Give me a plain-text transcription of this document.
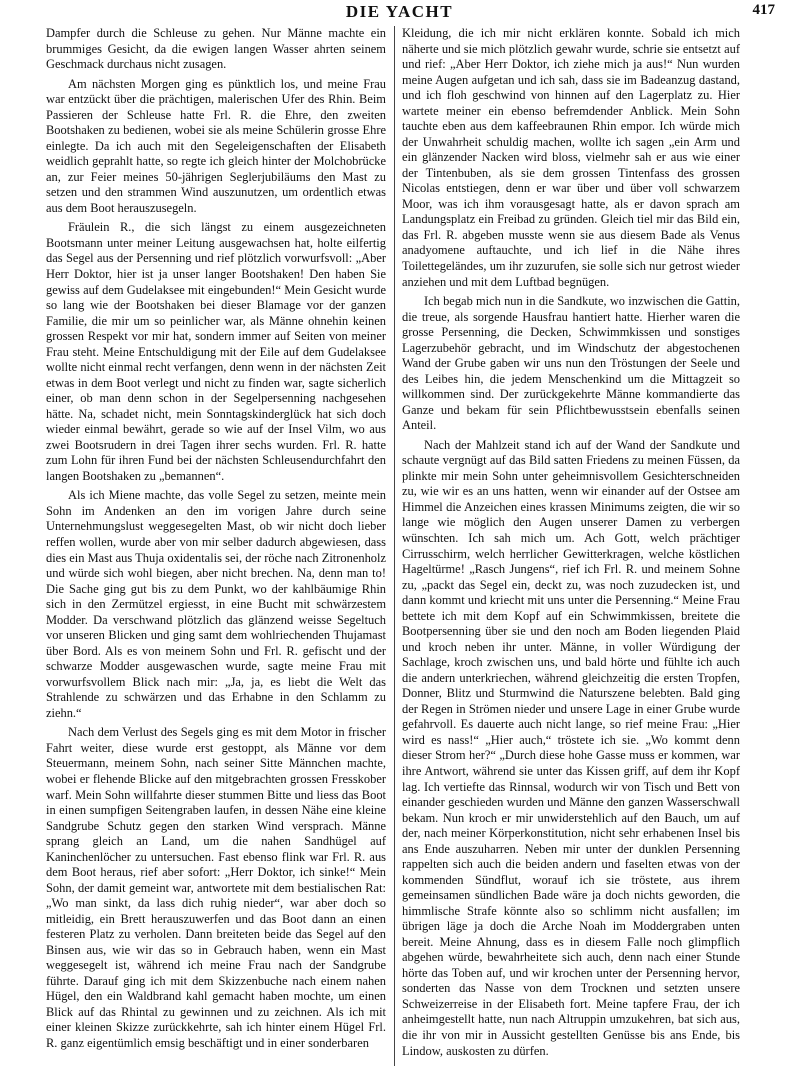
DIE YACHT	417

Dampfer durch die Schleuse zu gehen. Nur Männe machte ein brummiges Gesicht, da die ewigen langen Wasser ahrten seinem Geschmack durchaus nicht zusagen.

Am nächsten Morgen ging es pünktlich los, und meine Frau war entzückt über die prächtigen, malerischen Ufer des Rhin. Beim Passieren der Schleuse hatte Frl. R. die Ehre, den zweiten Bootshaken zu bedienen, wobei sie als meine Schülerin grosse Ehre einlegte. Da ich auch mit den Segeleigenschaften der Elisabeth weidlich geprahlt hatte, so regte ich gleich hinter der Molchobrücke an, zur Feier meines 50-jährigen Seglerjubiläums den Mast zu setzen und den strammen Wind auszunutzen, um ordentlich etwas aus dem Boot herauszusegeln.

Fräulein R., die sich längst zu einem ausgezeichneten Bootsmann unter meiner Leitung ausgewachsen hat, holte eilfertig das Segel aus der Persenning und rief plötzlich vorwurfsvoll: „Aber Herr Doktor, hier ist ja unser langer Bootshaken! Den haben Sie gewiss auf dem Gudelaksee mit eingebunden!“ Mein Gesicht wurde so lang wie der Bootshaken bei dieser Blamage vor der ganzen Familie, die mir um so peinlicher war, als Männe ohnehin keinen grossen Respekt vor mir hat, sondern immer auf Seiten von meiner Frau steht. Meine Entschuldigung mit der Eile auf dem Gudelaksee wollte nicht einmal recht verfangen, denn wenn in der nächsten Zeit etwas in dem Boot verlegt und nicht zu finden war, sagte sicherlich einer, ob man denn schon in der Segelpersenning nachgesehen hätte. Na, schadet nicht, mein Sonntagskinderglück hat sich doch wieder einmal bewährt, gerade so wie auf der Insel Vilm, wo aus zwei Bootsrudern in drei Tagen ihrer sechs wurden. Frl. R. hatte zum Lohn für ihren Fund bei der nächsten Schleusendurchfahrt den langen Bootshaken zu „bemannen“.

Als ich Miene machte, das volle Segel zu setzen, meinte mein Sohn im Andenken an den im vorigen Jahre durch seine Unternehmungslust weggesegelten Mast, ob wir nicht doch lieber reffen wollen, wurde aber von mir selber dadurch abgewiesen, dass dies ein Mast aus Thuja oxidentalis sei, der röche nach Zitronenholz und würde sich wohl biegen, aber nicht brechen. Na, denn man to! Die Sache ging gut bis zu dem Punkt, wo der kahlbäumige Rhin sich in den Zermützel ergiesst, in eine Bucht mit schwärzestem Modder. Da verschwand plötzlich das glänzend weisse Segeltuch vor unseren Blicken und ging samt dem wohlriechenden Thujamast über Bord. Als es von meinem Sohn und Frl. R. gefischt und der schwarze Modder ausgewaschen wurde, sagte meine Frau mit vorwurfsvollem Blick nach mir: „Ja, ja, es liebt die Welt das Strahlende zu schwärzen und das Erhabne in den Schlamm zu ziehn.“

Nach dem Verlust des Segels ging es mit dem Motor in frischer Fahrt weiter, diese wurde erst gestoppt, als Männe vor dem Steuermann, meinem Sohn, nach seiner Sitte Männchen machte, wobei er flehende Blicke auf den mitgebrachten grossen Fresskober warf. Mein Sohn willfahrte dieser stummen Bitte und liess das Boot in einen sumpfigen Seitengraben laufen, in dessen Nähe eine kleine Sandgrube Schutz gegen den starken Wind versprach. Männe sprang gleich an Land, um die nahen Sandhügel auf Kaninchenlöcher zu untersuchen. Fast ebenso flink war Frl. R. aus dem Boot heraus, rief aber sofort: „Herr Doktor, ich sinke!“ Mein Sohn, der damit gemeint war, antwortete mit dem bestialischen Rat: „Wo man sinkt, da lass dich ruhig nieder“, war aber doch so mitleidig, ein Brett herauszuwerfen und das Boot dann an einen festeren Platz zu verholen. Dann breiteten beide das Segel auf den Binsen aus, wie wir das so in Gebrauch haben, wenn ein Mast weggesegelt ist, während ich meine Frau nach der Sandgrube führte. Darauf ging ich mit dem Skizzenbuche nach einem nahen Hügel, den ein Waldbrand kahl gemacht haben mochte, um einen Blick auf das Rhintal zu gewinnen und zu zeichnen. Als ich mit einer kleinen Skizze zurückkehrte, sah ich hinter einem Hügel Frl. R. ganz eigentümlich emsig beschäftigt und in einer sonderbaren

Kleidung, die ich mir nicht erklären konnte. Sobald ich mich näherte und sie mich plötzlich gewahr wurde, schrie sie entsetzt auf und rief: „Aber Herr Doktor, ich ziehe mich ja aus!“ Nun wurden meine Augen aufgetan und ich sah, dass sie im Badeanzug dastand, und ich floh geschwind von hinnen auf den Lagerplatz zu. Hier wartete meiner ein ebenso befremdender Anblick. Mein Sohn tauchte eben aus dem kaffeebraunen Rhin empor. Ich würde mich der Unwahrheit schuldig machen, wollte ich sagen „ein Arm und ein glänzender Nacken wird bloss, vielmehr sah er aus wie einer der Tintenbuben, als sie dem grossen Tintenfass des grossen Nicolas entstiegen, denn er war über und über voll schwarzem Moor, was ich ihm vorausgesagt hatte, als er davon sprach am Landungsplatz ein Freibad zu gründen. Gleich tiel mir das Bild ein, das Frl. R. abgeben musste wenn sie aus diesem Bade als Venus anadyomene auftauchte, und ich lief in die Nähe ihres Toilettegeländes, um ihr zuzurufen, sie solle sich nur getrost wieder anziehen und mit dem Luftbad begnügen.

Ich begab mich nun in die Sandkute, wo inzwischen die Gattin, die treue, als sorgende Hausfrau hantiert hatte. Hierher waren die grosse Persenning, die Decken, Schwimmkissen und sonstiges Lagerzubehör gebracht, und im Windschutz der abgestochenen Wand der Grube gaben wir uns nun den Tröstungen der Seele und des Leibes hin, die jedem Menschenkind um die Mittagzeit so willkommen sind. Der zurückgekehrte Männe kommandierte das Ganze und bekam für sein Pflichtbewusstsein ebenfalls seinen Anteil.

Nach der Mahlzeit stand ich auf der Wand der Sandkute und schaute vergnügt auf das Bild satten Friedens zu meinen Füssen, da plinkte mir mein Sohn unter geheimnisvollem Gesichterschneiden zu, wie wir es an uns hatten, wenn wir einander auf der Ostsee am Himmel die Anzeichen eines krassen Minimums zeigten, die wir so lange wie möglich den Augen unserer Damen zu verbergen wünschten. Ich sah mich um. Ach Gott, welch prächtiger Cirrusschirm, welch herrlicher Gewitterkragen, welche köstlichen Hageltürme! „Rasch Jungens“, rief ich Frl. R. und meinem Sohne zu, „packt das Segel ein, deckt zu, was noch zuzudecken ist, und dann kommt und kriecht mit uns unter die Persenning.“ Meine Frau bettete ich mit dem Kopf auf ein Schwimmkissen, breitete die Bootpersenning über sie und den noch am Boden liegenden Plaid und kroch neben ihr unter. Männe, in voller Würdigung der Sachlage, kroch zwischen uns, und bald hörte und fühlte ich auch die andern unterkriechen, während gleichzeitig die ersten Tropfen, Donner, Blitz und Sturmwind die Naturszene belebten. Bald ging der Regen in Strömen nieder und unsere Lage in einer Grube wurde gefahrvoll. Es dauerte auch nicht lange, so rief meine Frau: „Hier wird es nass!“ „Hier auch,“ tröstete ich sie. „Wo kommt denn dieser Strom her?“ „Durch diese hohe Gasse muss er kommen, war ihre Antwort, während sie unter das Kissen griff, auf dem ihr Kopf lag. Ich vertiefte das Rinnsal, wodurch wir von Tisch und Bett von einander geschieden wurden und Männe den ganzen Wasserschwall bekam. Nun kroch er mir unwiderstehlich auf den Bauch, um auf der, nach meiner Körperkonstitution, nicht sehr erhabenen Insel bis ans Ende auszuharren. Neben mir unter der dunklen Persenning rappelten sich auch die beiden andern und faselten etwas von der kommenden Sündflut, worauf ich sie tröstete, aus ihrem gemeinsamen sündlichen Bade wäre ja doch nichts geworden, die himmlische Strafe könnte also so schlimm nicht ausfallen; im übrigen läge ja doch die Arche Noah im Moddergraben unten bereit. Meine Ahnung, dass es in diesem Falle noch glimpflich abgehen würde, bewahrheitete sich auch, denn nach einer Stunde hörte das Toben auf, und wir krochen unter der Persenning hervor, sonderten das Nasse von dem Trocknen und setzten unsere Schweizerreise in der Elisabeth fort. Meine tapfere Frau, der ich anheimgestellt hatte, nun nach Altruppin umzukehren, bat sich aus, die ihr von mir in Aussicht gestellten Genüsse bis ans Ende, bis Lindow, auskosten zu dürfen.
